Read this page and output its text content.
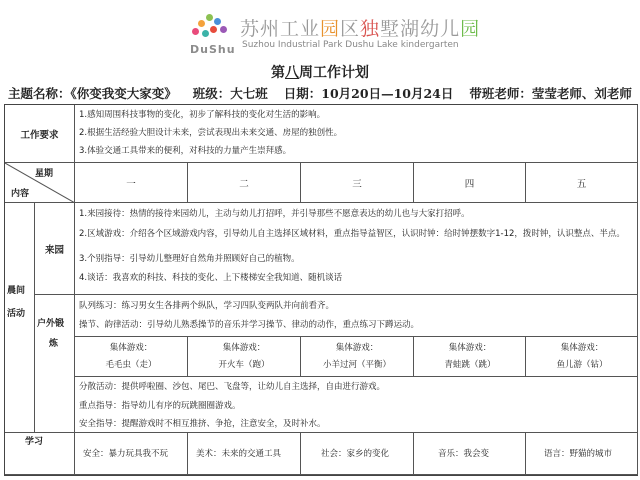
DuShu
苏州工业园区独墅湖幼儿园
Suzhou Industrial Park Dushu Lake kindergarten
第八周工作计划
主题名称：《你变我变大家变》 班级：大七班 日期：10月20日—10月24日 带班老师：莹莹老师、刘老师
工作要求
1.感知周围科技事物的变化，初步了解科技的变化对生活的影响。
2.根据生活经验大胆设计未来，尝试表现出未来交通、房屋的独创性。
3.体验交通工具带来的便利，对科技的力量产生崇拜感。
星期
内容
一	二	三	四	五
晨间
活动
来园
1.来园接待：热情的接待来园幼儿，主动与幼儿打招呼，并引导那些不愿意表达的幼儿也与大家打招呼。
2.区域游戏：介绍各个区域游戏内容，引导幼儿自主选择区域材料，重点指导益智区，认识时钟：给时钟摆数字1-12，拨时钟，认识整点、半点。
3.个别指导：引导幼儿整理好自然角并照顾好自己的植物。
4.谈话：我喜欢的科技、科技的变化、上下楼梯安全我知道、随机谈话
户外锻
炼
队列练习：练习男女生各排两个纵队，学习四队变两队并向前看齐。
操节、韵律活动：引导幼儿熟悉操节的音乐并学习操节、律动的动作，重点练习下蹲运动。
集体游戏：
毛毛虫（走）
集体游戏：
开火车（跑）
集体游戏：
小羊过河（平衡）
集体游戏：
青蛙跳（跳）
集体游戏：
鱼儿游（钻）
分散活动：提供呼啦圈、沙包、尾巴、飞盘等，让幼儿自主选择，自由进行游戏。
重点指导：指导幼儿有序的玩跳圈圈游戏。
安全指导：提醒游戏时不相互推挤、争抢，注意安全，及时补水。
学习
安全：暴力玩具我不玩	美术：未来的交通工具	社会：家乡的变化	音乐：我会变	语言：野猫的城市
